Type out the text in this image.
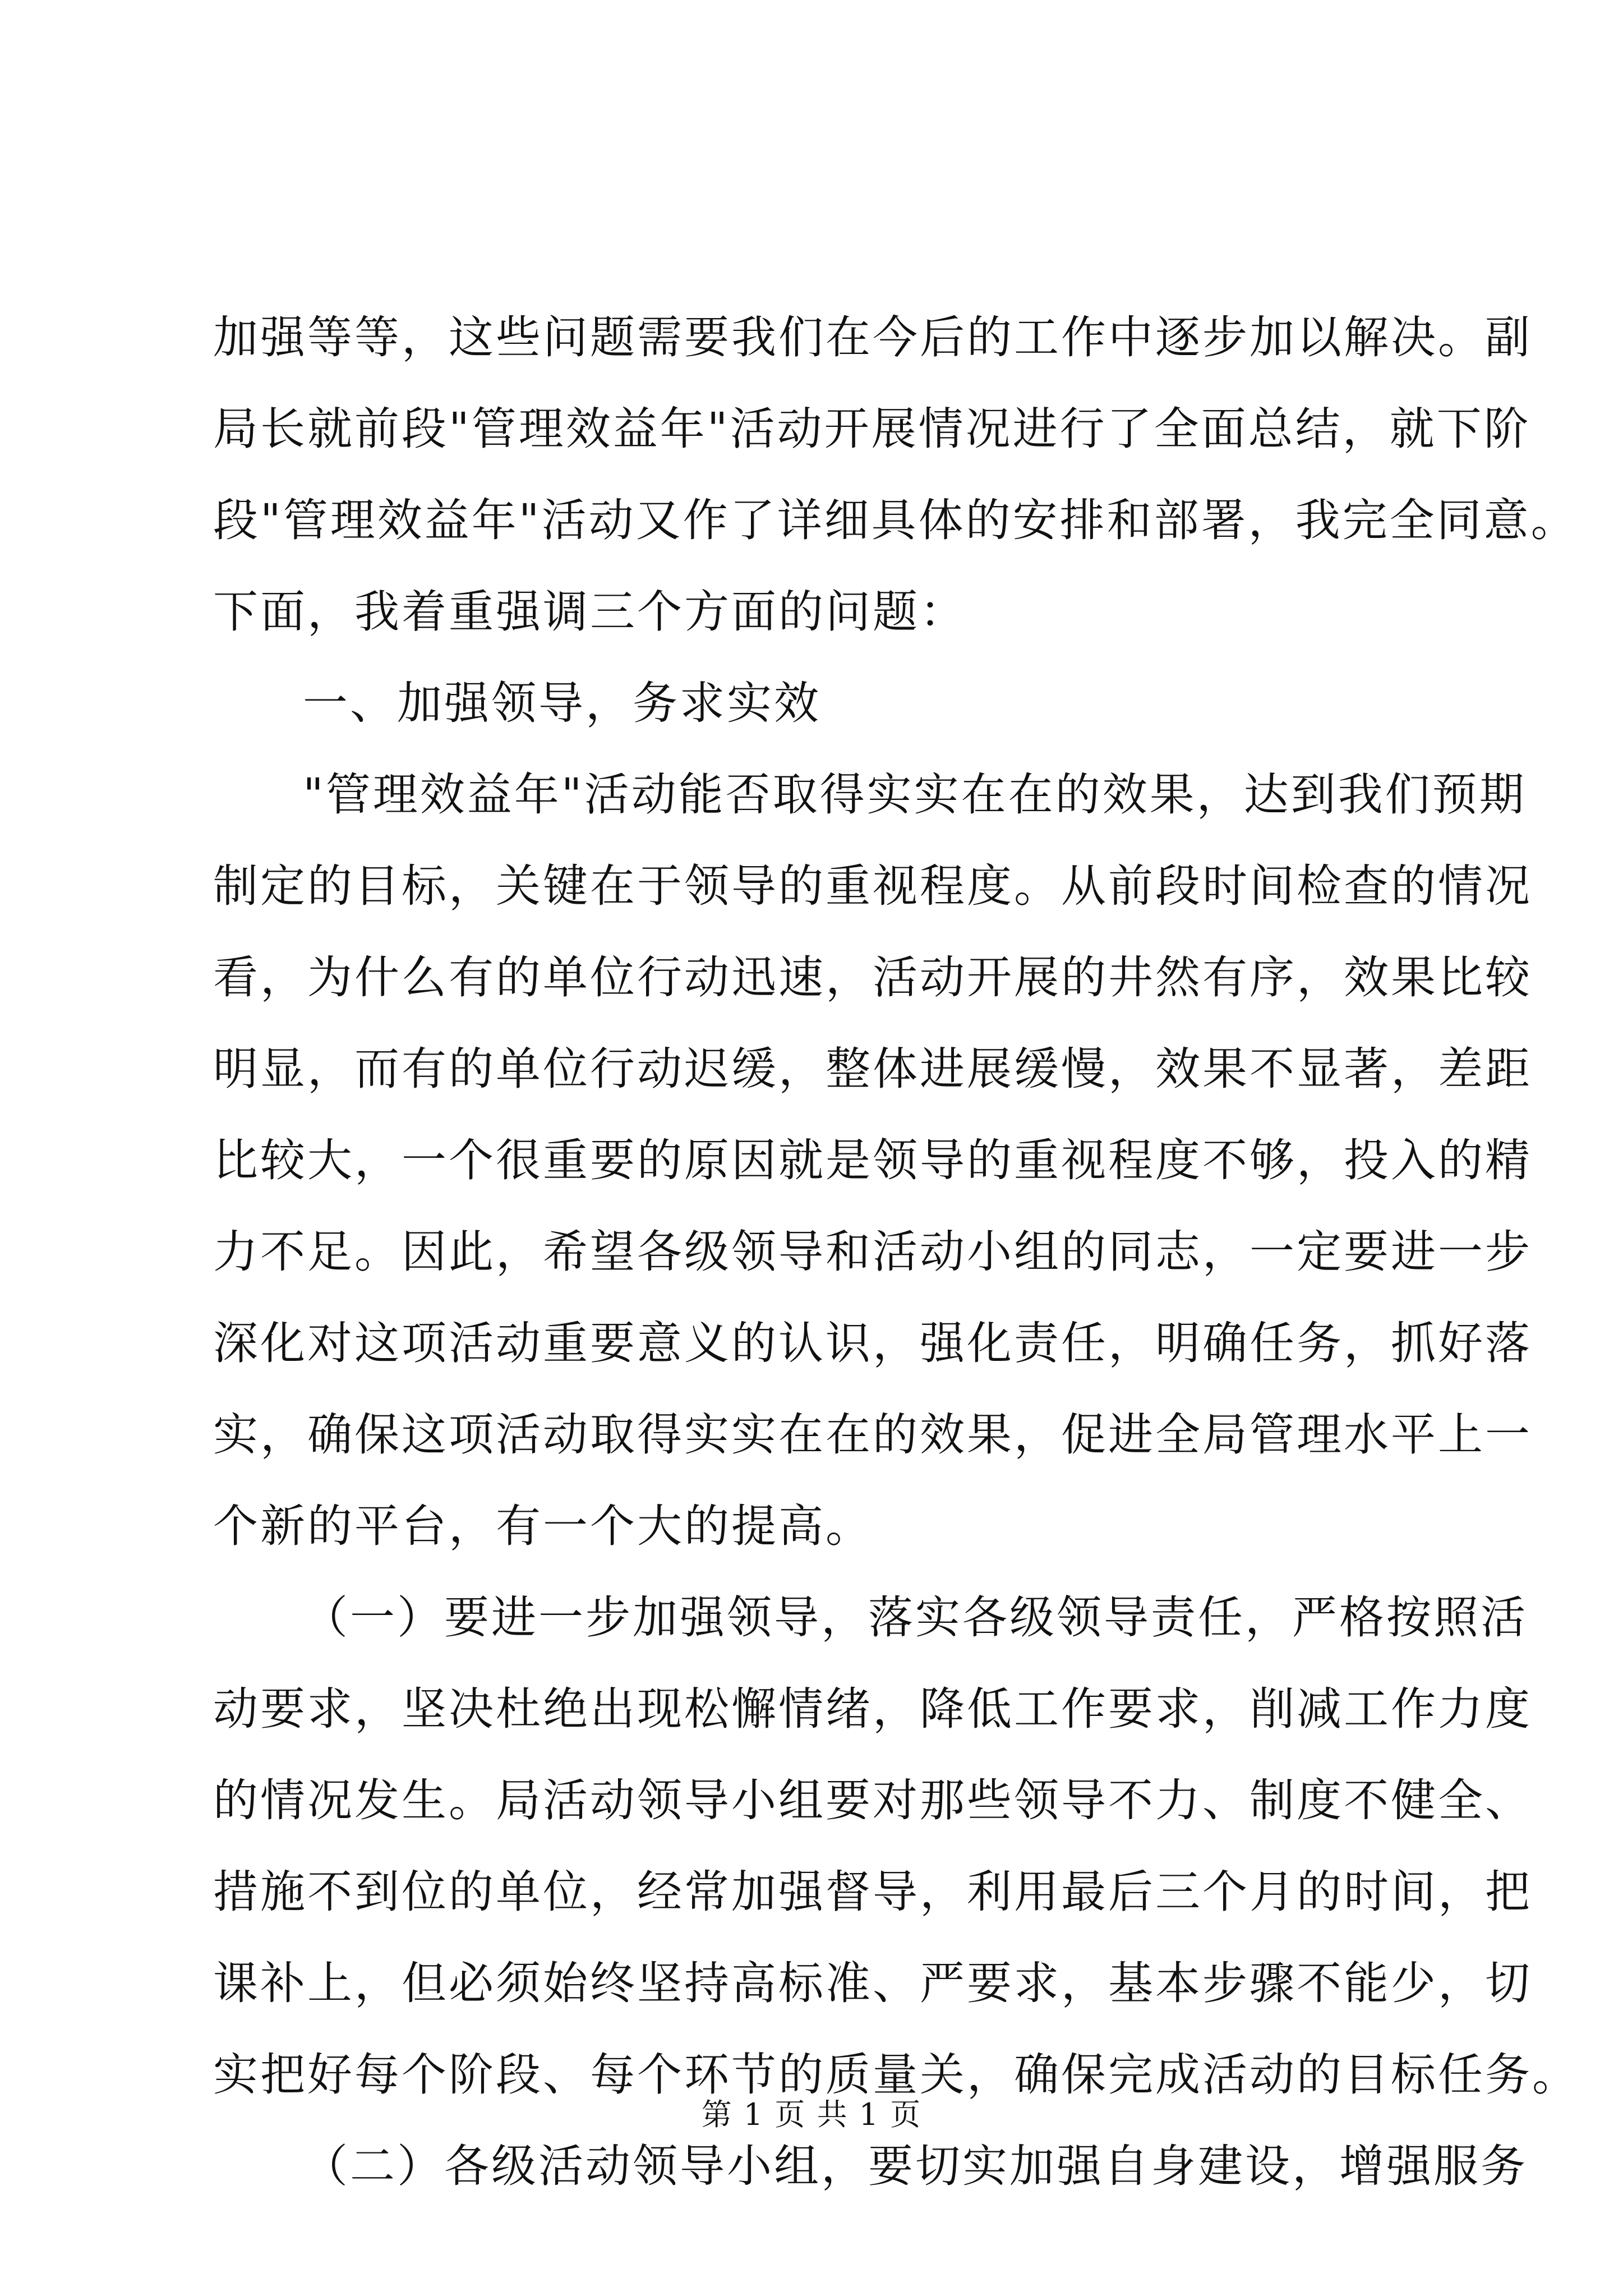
加强等等，这些问题需要我们在今后的工作中逐步加以解决。副
局长就前段"管理效益年"活动开展情况进行了全面总结，就下阶
段"管理效益年"活动又作了详细具体的安排和部署，我完全同意。
下面，我着重强调三个方面的问题：
一、加强领导，务求实效
"管理效益年"活动能否取得实实在在的效果，达到我们预期
制定的目标，关键在于领导的重视程度。从前段时间检查的情况
看，为什么有的单位行动迅速，活动开展的井然有序，效果比较
明显，而有的单位行动迟缓，整体进展缓慢，效果不显著，差距
比较大，一个很重要的原因就是领导的重视程度不够，投入的精
力不足。因此，希望各级领导和活动小组的同志，一定要进一步
深化对这项活动重要意义的认识，强化责任，明确任务，抓好落
实，确保这项活动取得实实在在的效果，促进全局管理水平上一
个新的平台，有一个大的提高。
（一）要进一步加强领导，落实各级领导责任，严格按照活
动要求，坚决杜绝出现松懈情绪，降低工作要求，削减工作力度
的情况发生。局活动领导小组要对那些领导不力、制度不健全、
措施不到位的单位，经常加强督导，利用最后三个月的时间，把
课补上，但必须始终坚持高标准、严要求，基本步骤不能少，切
实把好每个阶段、每个环节的质量关，确保完成活动的目标任务。
（二）各级活动领导小组，要切实加强自身建设，增强服务
第 1 页 共 1 页
